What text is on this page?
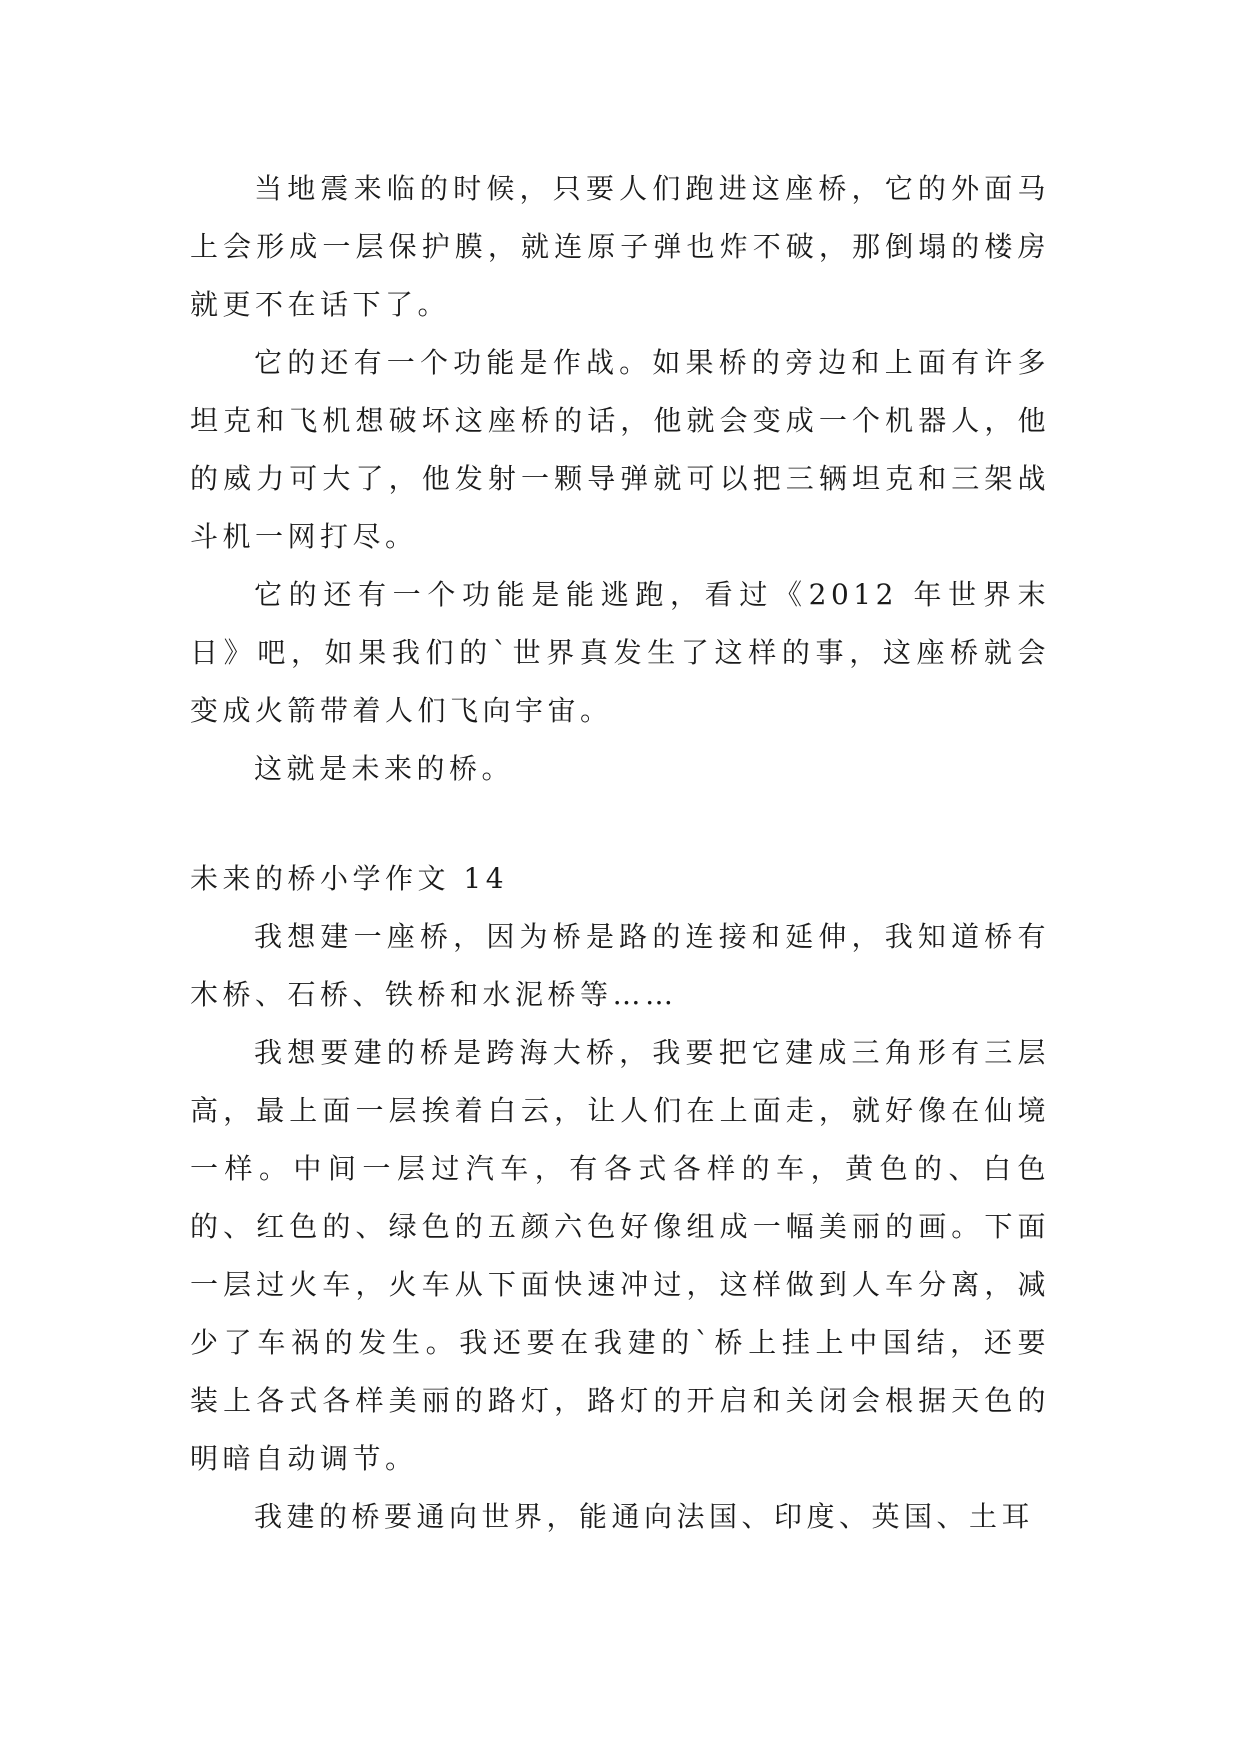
当地震来临的时候，只要人们跑进这座桥，它的外面马上会形成一层保护膜，就连原子弹也炸不破，那倒塌的楼房就更不在话下了。

它的还有一个功能是作战。如果桥的旁边和上面有许多坦克和飞机想破坏这座桥的话，他就会变成一个机器人，他的威力可大了，他发射一颗导弹就可以把三辆坦克和三架战斗机一网打尽。

它的还有一个功能是能逃跑，看过《2012 年世界末日》吧，如果我们的`世界真发生了这样的事，这座桥就会变成火箭带着人们飞向宇宙。

这就是未来的桥。

未来的桥小学作文 14

我想建一座桥，因为桥是路的连接和延伸，我知道桥有木桥、石桥、铁桥和水泥桥等……

我想要建的桥是跨海大桥，我要把它建成三角形有三层高，最上面一层挨着白云，让人们在上面走，就好像在仙境一样。中间一层过汽车，有各式各样的车，黄色的、白色的、红色的、绿色的五颜六色好像组成一幅美丽的画。下面一层过火车，火车从下面快速冲过，这样做到人车分离，减少了车祸的发生。我还要在我建的`桥上挂上中国结，还要装上各式各样美丽的路灯，路灯的开启和关闭会根据天色的明暗自动调节。

我建的桥要通向世界，能通向法国、印度、英国、土耳
